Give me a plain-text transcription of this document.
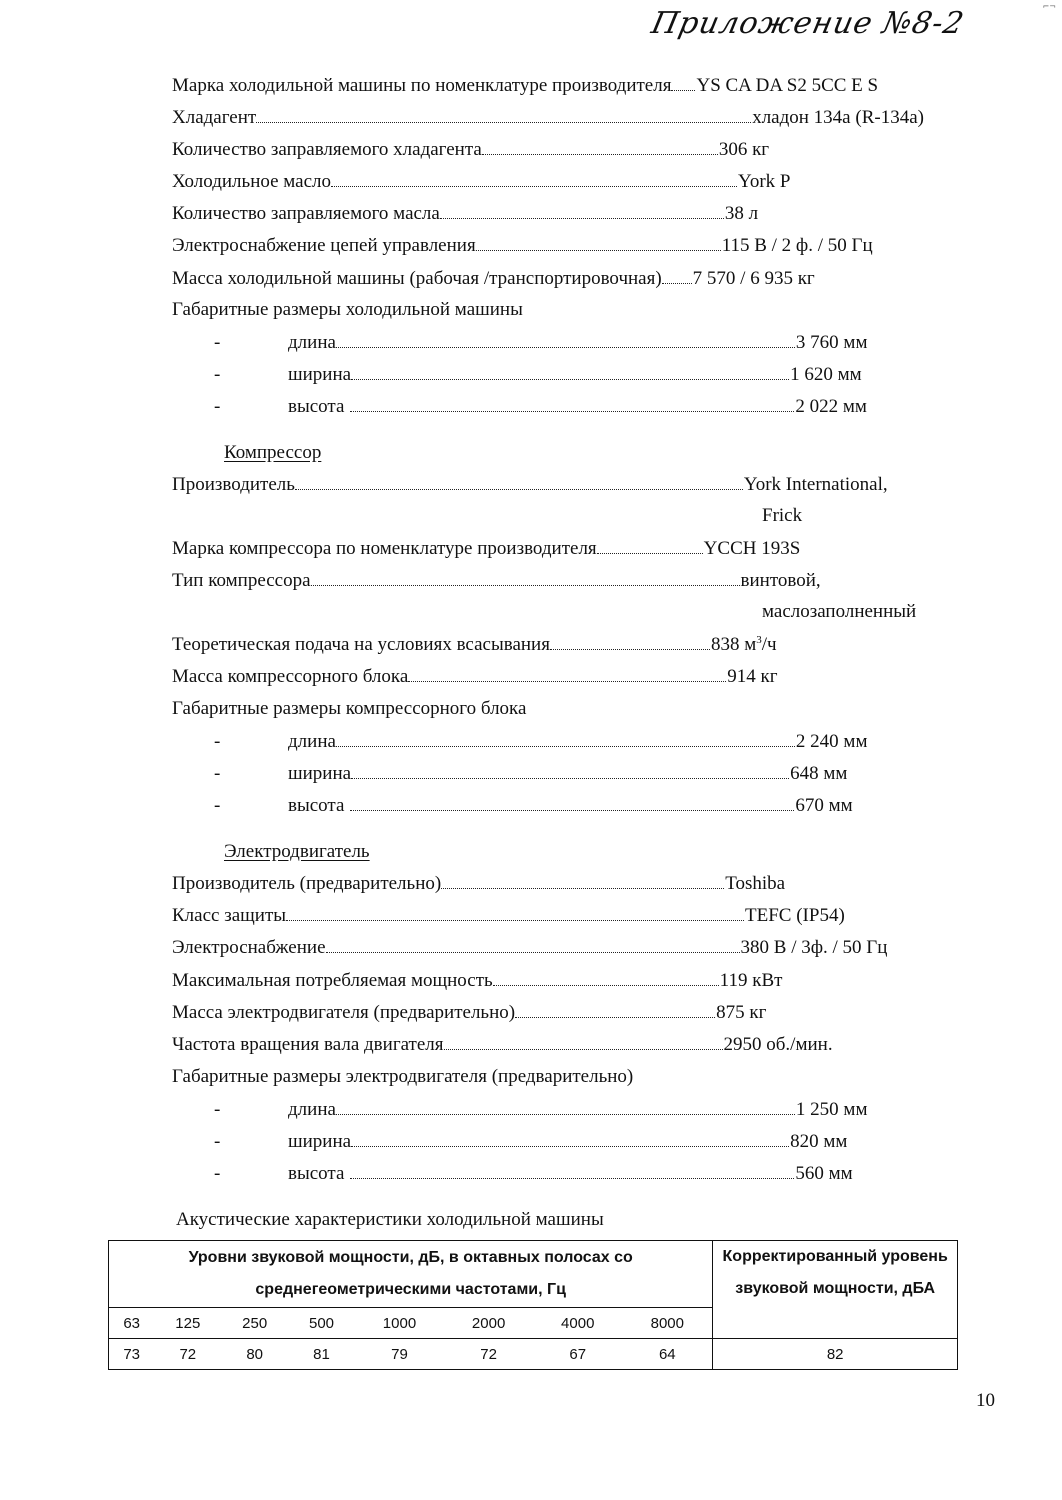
⌐¬
Приложение №8-2
Марка холодильной машины по номенклатуре производителя YS CA DA S2 5CC E S
Хладагент	хладон 134а (R-134a)
Количество заправляемого хладагента	306 кг
Холодильное масло	York P
Количество заправляемого масла	38 л
Электроснабжение цепей управления	115 В / 2 ф. / 50 Гц
Масса холодильной машины (рабочая /транспортировочная) 7 570 / 6 935 кг
Габаритные размеры холодильной машины
-	длина	3 760 мм
-	ширина	1 620 мм
-	высота	2 022 мм
Компрессор
Производитель	York International,
Frick
Марка компрессора по номенклатуре производителя	YCCH 193S
Тип компрессора	винтовой,
маслозаполненный
Теоретическая подача на условиях всасывания	838 $м^3/ч$
Масса компрессорного блока	914 кг
Габаритные размеры компрессорного блока
-	длина	2 240 мм
-	ширина	648 мм
-	высота	670 мм
Электродвигатель
Производитель (предварительно)	Toshiba
Класс защиты	TEFC (IP54)
Электроснабжение	380 В / 3ф. / 50 Гц
Максимальная потребляемая мощность	119 кВт
Масса электродвигателя (предварительно)	875 кг
Частота вращения вала двигателя	2950 об./мин.
Габаритные размеры электродвигателя (предварительно)
-	длина	1 250 мм
-	ширина	820 мм
-	высота	560 мм
Акустические характеристики холодильной машины
Уровни звуковой мощности, дБ, в октавных полосах со
среднегеометрическими частотами, Гц

Корректированный уровень
звуковой мощности, дБА

63	125	250	500	1000	2000	4000	8000	
73	72	80	81	79	72	67	64	82
10
